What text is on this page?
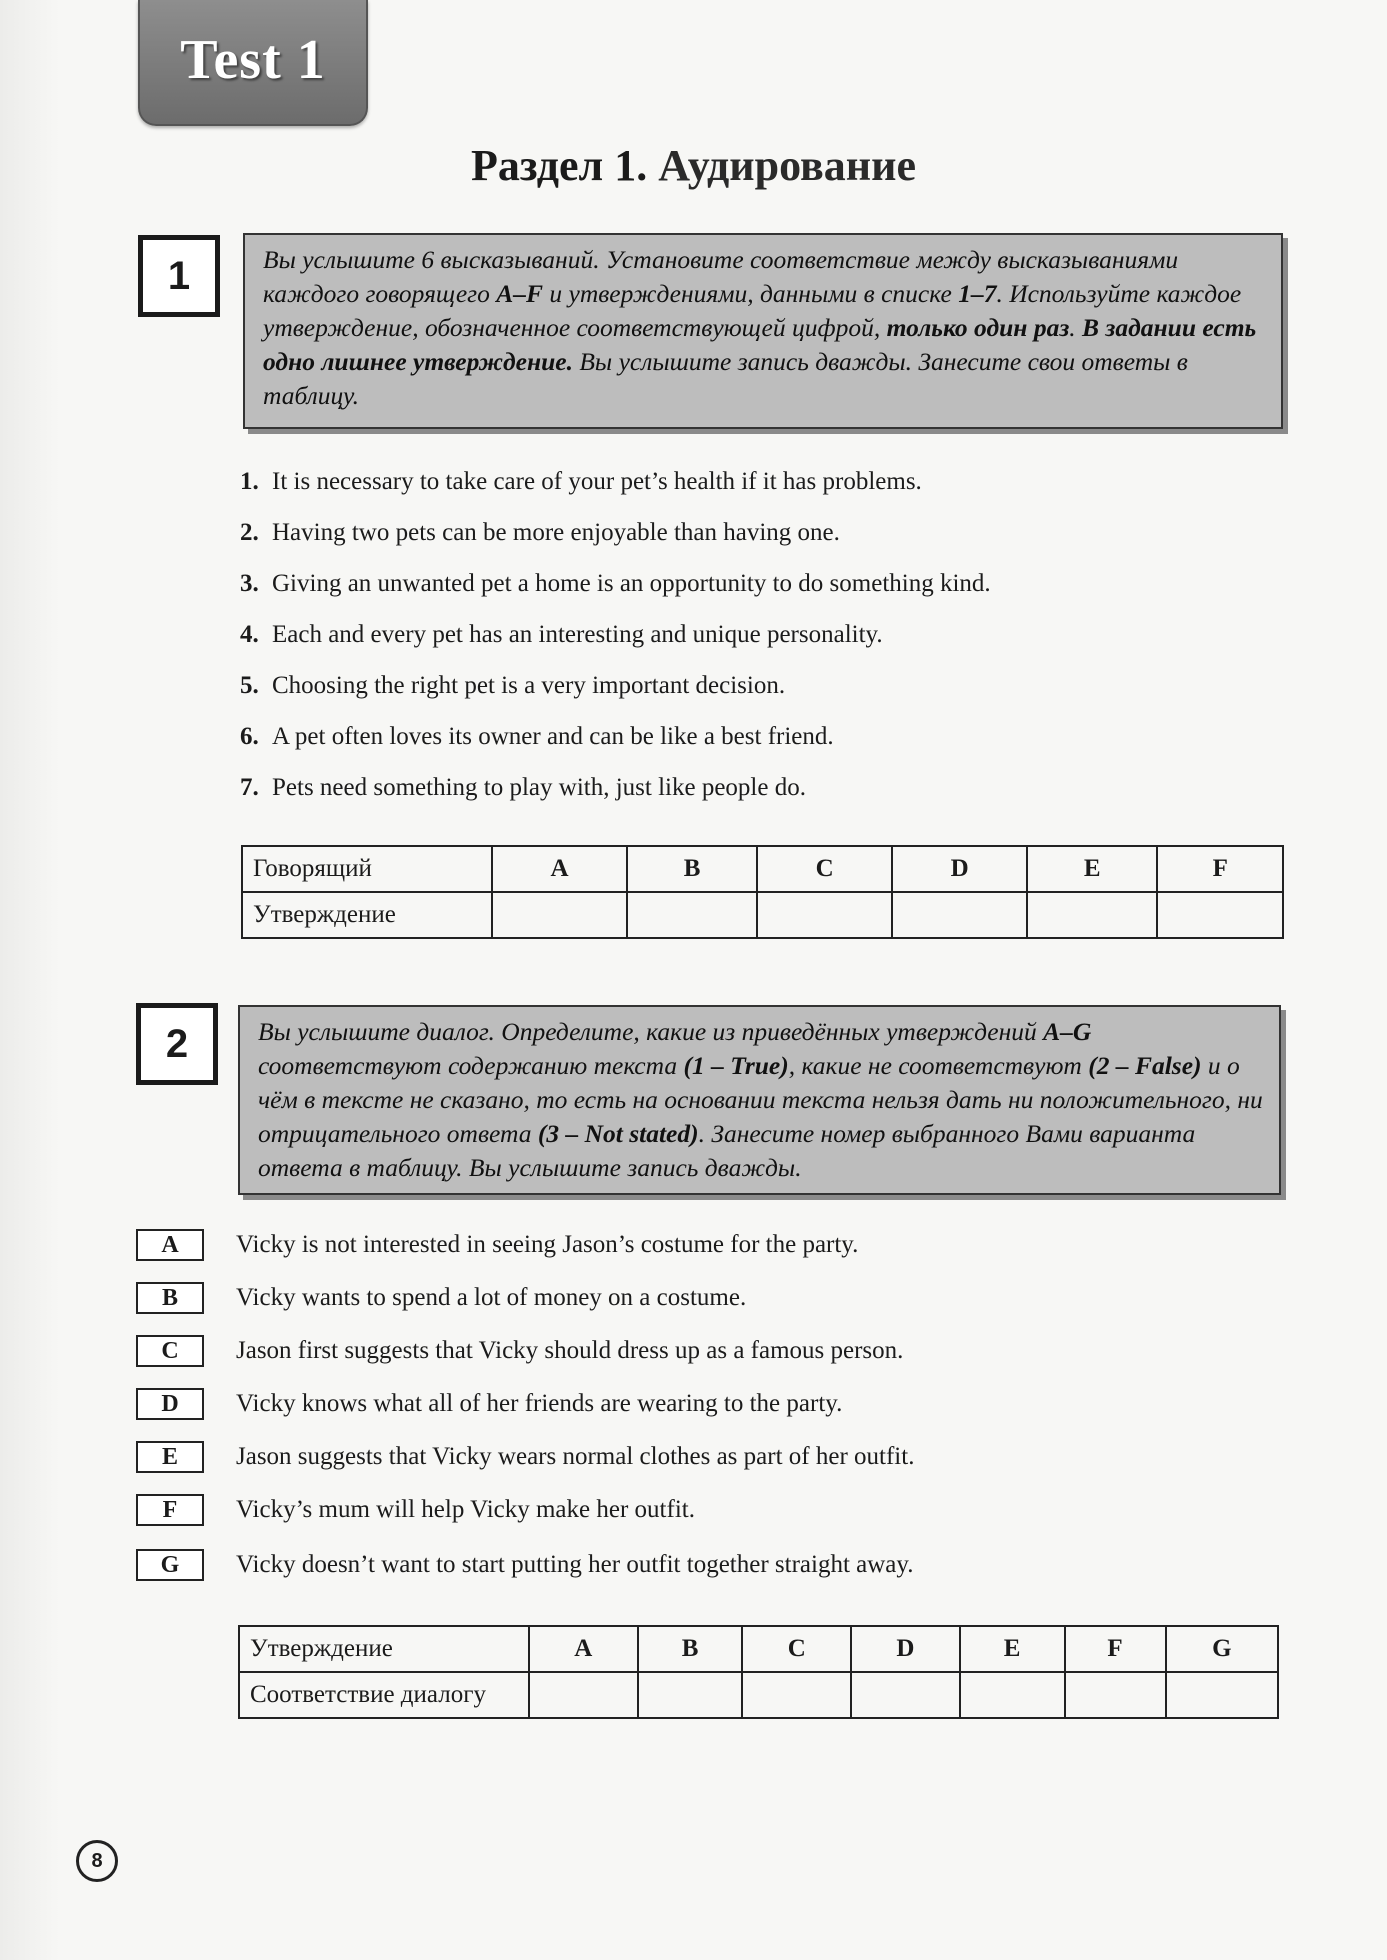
Test 1
Раздел 1. Аудирование
1	Вы услышите 6 высказываний. Установите соответствие между высказываниями каждого говорящего A–F и утверждениями, данными в списке 1–7. Используйте каждое утверждение, обозначенное соответствующей цифрой, только один раз. В задании есть одно лишнее утверждение. Вы услышите запись дважды. Занесите свои ответы в таблицу.
1. It is necessary to take care of your pet’s health if it has problems.
2. Having two pets can be more enjoyable than having one.
3. Giving an unwanted pet a home is an opportunity to do something kind.
4. Each and every pet has an interesting and unique personality.
5. Choosing the right pet is a very important decision.
6. A pet often loves its owner and can be like a best friend.
7. Pets need something to play with, just like people do.
Говорящий	A	B	C	D	E	F
Утверждение						
2	Вы услышите диалог. Определите, какие из приведённых утверждений A–G соответствуют содержанию текста (1 – True), какие не соответствуют (2 – False) и о чём в тексте не сказано, то есть на основании текста нельзя дать ни положительного, ни отрицательного ответа (3 – Not stated). Занесите номер выбранного Вами варианта ответа в таблицу. Вы услышите запись дважды.
A	Vicky is not interested in seeing Jason’s costume for the party.
B	Vicky wants to spend a lot of money on a costume.
C	Jason first suggests that Vicky should dress up as a famous person.
D	Vicky knows what all of her friends are wearing to the party.
E	Jason suggests that Vicky wears normal clothes as part of her outfit.
F	Vicky’s mum will help Vicky make her outfit.
G	Vicky doesn’t want to start putting her outfit together straight away.
Утверждение	A	B	C	D	E	F	G
Соответствие диалогу							
8
